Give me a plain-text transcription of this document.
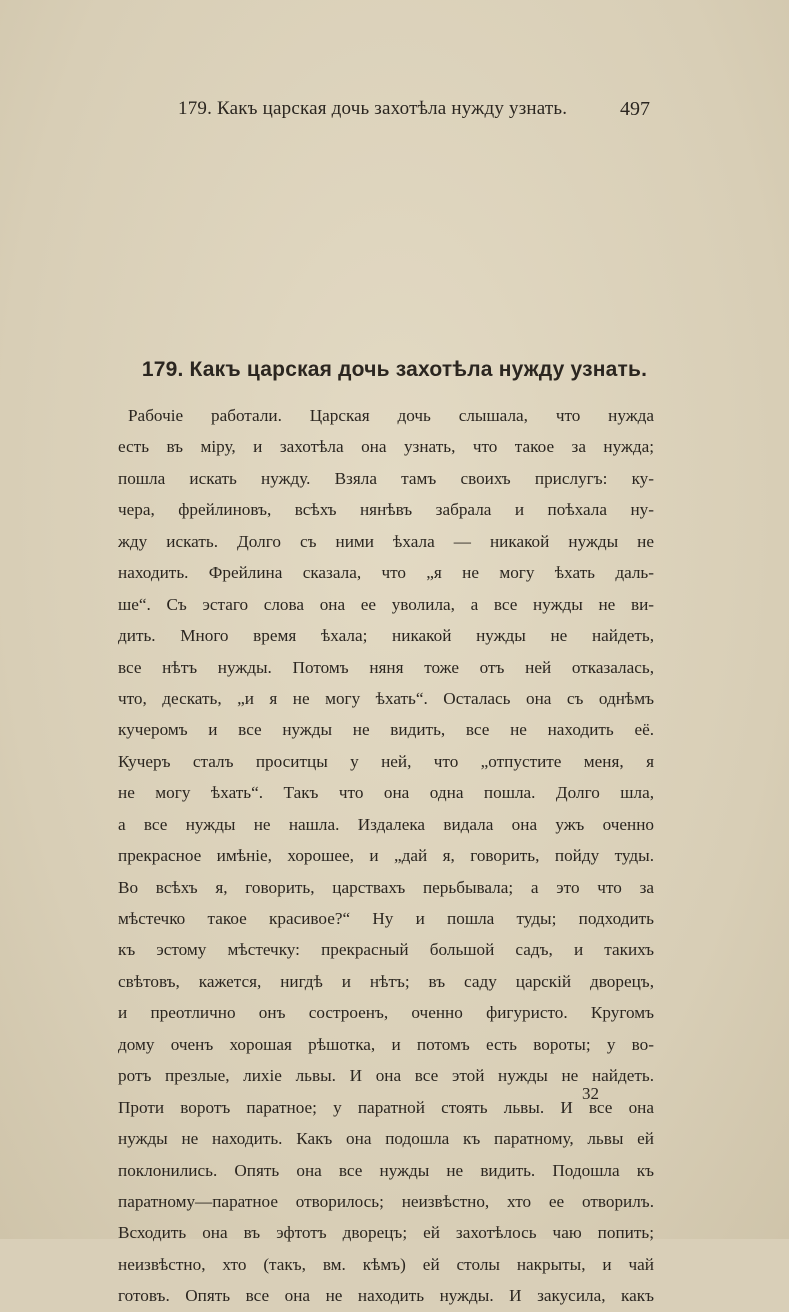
179. Какъ царская дочь захотѣла нужду узнать.	497
179. Какъ царская дочь захотѣла нужду узнать.
Рабочіе работали. Царская дочь слышала, что нужда
есть въ міру, и захотѣла она узнать, что такое за нужда;
пошла искать нужду. Взяла тамъ своихъ прислугъ: ку-
чера, фрейлиновъ, всѣхъ нянѣвъ забрала и поѣхала ну-
жду искать. Долго съ ними ѣхала — никакой нужды не
находить. Фрейлина сказала, что „я не могу ѣхать даль-
ше“. Съ эстаго слова она ее уволила, а все нужды не ви-
дить. Много время ѣхала; никакой нужды не найдеть,
все нѣтъ нужды. Потомъ няня тоже отъ ней отказалась,
что, дескать, „и я не могу ѣхать“. Осталась она съ однѣмъ
кучеромъ и все нужды не видить, все не находить её.
Кучеръ сталъ проситцы у ней, что „отпустите меня, я
не могу ѣхать“. Такъ что она одна пошла. Долго шла,
а все нужды не нашла. Издалека видала она ужъ оченно
прекрасное имѣніе, хорошее, и „дай я, говорить, пойду туды.
Во всѣхъ я, говорить, царствахъ перьбывала; а это что за
мѣстечко такое красивое?“ Ну и пошла туды; подходить
къ эстому мѣстечку: прекрасный большой садъ, и такихъ
свѣтовъ, кажется, нигдѣ и нѣтъ; въ саду царскій дворецъ,
и преотлично онъ состроенъ, оченно фигуристо. Кругомъ
дому оченъ хорошая рѣшотка, и потомъ есть вороты; у во-
ротъ презлые, лихіе львы. И она все этой нужды не найдеть.
Проти воротъ паратное; у паратной стоять львы. И все она
нужды не находить. Какъ она подошла къ паратному, львы ей
поклонились. Опять она все нужды не видить. Подошла къ
паратному—паратное отворилось; неизвѣстно, хто ее отворилъ.
Всходить она въ эфтотъ дворецъ; ей захотѣлось чаю попить;
неизвѣстно, хто (такъ, вм. кѣмъ) ей столы накрыты, и чай
готовъ. Опять все она не находить нужды. И закусила, какъ
32
